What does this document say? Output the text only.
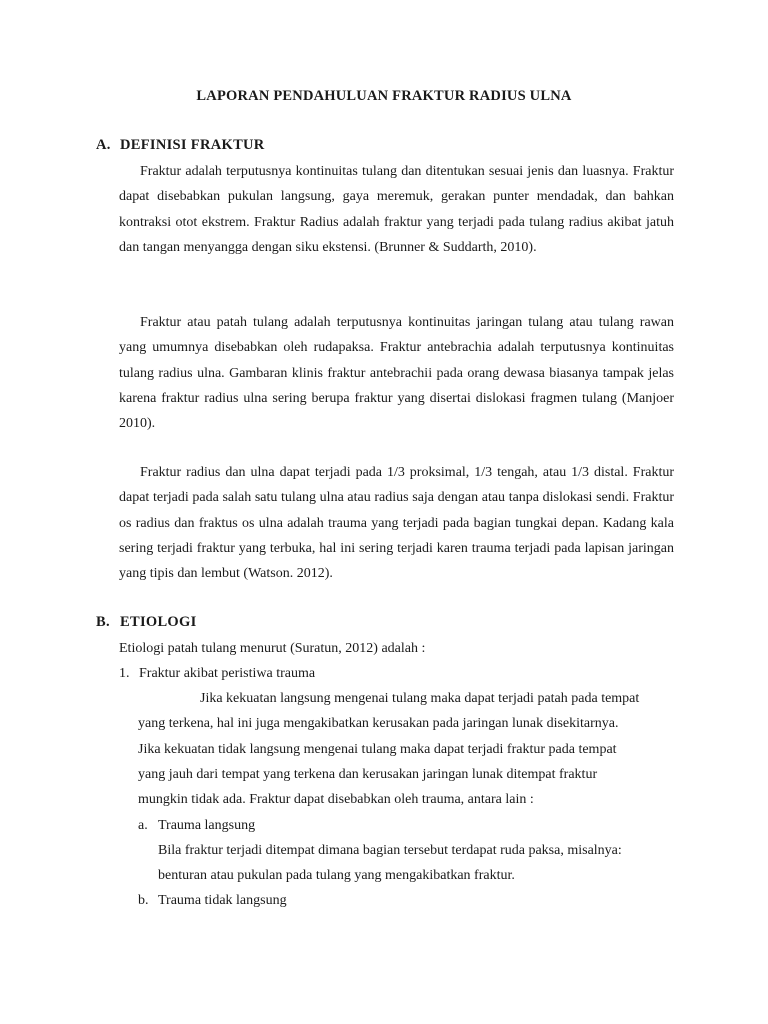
LAPORAN PENDAHULUAN FRAKTUR RADIUS ULNA
A. DEFINISI FRAKTUR

Fraktur adalah terputusnya kontinuitas tulang dan ditentukan sesuai jenis dan luasnya. Fraktur dapat disebabkan pukulan langsung, gaya meremuk, gerakan punter mendadak, dan bahkan kontraksi otot ekstrem. Fraktur Radius adalah fraktur yang terjadi pada tulang radius akibat jatuh dan tangan menyangga dengan siku ekstensi. (Brunner & Suddarth, 2010).

Fraktur atau patah tulang adalah terputusnya kontinuitas jaringan tulang atau tulang rawan yang umumnya disebabkan oleh rudapaksa. Fraktur antebrachia adalah terputusnya kontinuitas tulang radius ulna. Gambaran klinis fraktur antebrachii pada orang dewasa biasanya tampak jelas karena fraktur radius ulna sering berupa fraktur yang disertai dislokasi fragmen tulang (Manjoer 2010).

Fraktur radius dan ulna dapat terjadi pada 1/3 proksimal, 1/3 tengah, atau 1/3 distal. Fraktur dapat terjadi pada salah satu tulang ulna atau radius saja dengan atau tanpa dislokasi sendi. Fraktur os radius dan fraktus os ulna adalah trauma yang terjadi pada bagian tungkai depan. Kadang kala sering terjadi fraktur yang terbuka, hal ini sering terjadi karen trauma terjadi pada lapisan jaringan yang tipis dan lembut (Watson. 2012).

B. ETIOLOGI

Etiologi patah tulang menurut (Suratun, 2012) adalah :

1. Fraktur akibat peristiwa trauma

Jika kekuatan langsung mengenai tulang maka dapat terjadi patah pada tempat
yang terkena, hal ini juga mengakibatkan kerusakan pada jaringan lunak disekitarnya.
Jika kekuatan tidak langsung mengenai tulang maka dapat terjadi fraktur pada tempat
yang jauh dari tempat yang terkena dan kerusakan jaringan lunak ditempat fraktur
mungkin tidak ada. Fraktur dapat disebabkan oleh trauma, antara lain :

a. Trauma langsung

Bila fraktur terjadi ditempat dimana bagian tersebut terdapat ruda paksa, misalnya:
benturan atau pukulan pada tulang yang mengakibatkan fraktur.

b. Trauma tidak langsung
